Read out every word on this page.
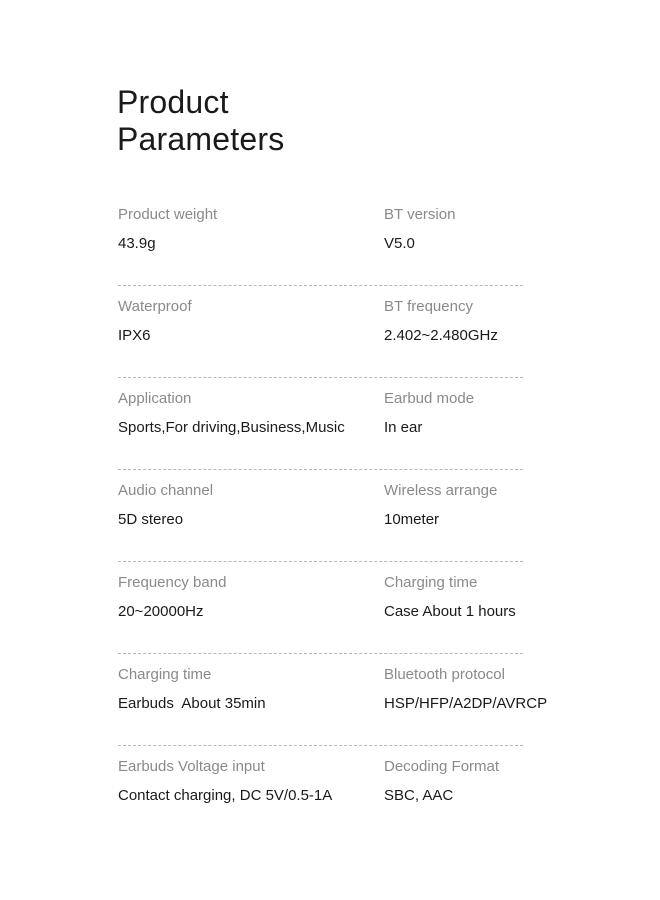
Product
Parameters
Product weight
43.9g
BT version
V5.0
Waterproof
IPX6
BT frequency
2.402~2.480GHz
Application
Sports,For driving,Business,Music
Earbud mode
In ear
Audio channel
5D stereo
Wireless arrange
10meter
Frequency band
20~20000Hz
Charging time
Case About 1 hours
Charging time
Earbuds  About 35min
Bluetooth protocol
HSP/HFP/A2DP/AVRCP
Earbuds Voltage input
Contact charging, DC 5V/0.5-1A
Decoding Format
SBC, AAC
